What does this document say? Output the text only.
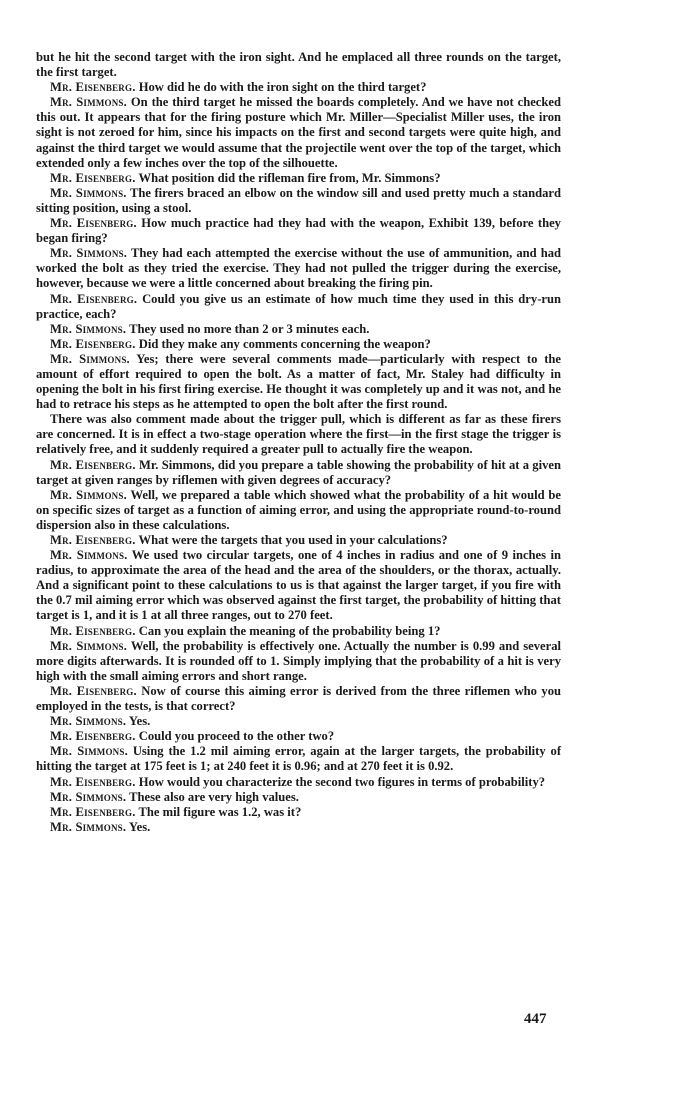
but he hit the second target with the iron sight. And he emplaced all three rounds on the target, the first target.

Mr. Eisenberg. How did he do with the iron sight on the third target?

Mr. Simmons. On the third target he missed the boards completely. And we have not checked this out. It appears that for the firing posture which Mr. Miller—Specialist Miller uses, the iron sight is not zeroed for him, since his impacts on the first and second targets were quite high, and against the third target we would assume that the projectile went over the top of the target, which extended only a few inches over the top of the silhouette.

Mr. Eisenberg. What position did the rifleman fire from, Mr. Simmons?

Mr. Simmons. The firers braced an elbow on the window sill and used pretty much a standard sitting position, using a stool.

Mr. Eisenberg. How much practice had they had with the weapon, Exhibit 139, before they began firing?

Mr. Simmons. They had each attempted the exercise without the use of ammunition, and had worked the bolt as they tried the exercise. They had not pulled the trigger during the exercise, however, because we were a little concerned about breaking the firing pin.

Mr. Eisenberg. Could you give us an estimate of how much time they used in this dry-run practice, each?

Mr. Simmons. They used no more than 2 or 3 minutes each.

Mr. Eisenberg. Did they make any comments concerning the weapon?

Mr. Simmons. Yes; there were several comments made—particularly with respect to the amount of effort required to open the bolt. As a matter of fact, Mr. Staley had difficulty in opening the bolt in his first firing exercise. He thought it was completely up and it was not, and he had to retrace his steps as he attempted to open the bolt after the first round.

There was also comment made about the trigger pull, which is different as far as these firers are concerned. It is in effect a two-stage operation where the first—in the first stage the trigger is relatively free, and it suddenly required a greater pull to actually fire the weapon.

Mr. Eisenberg. Mr. Simmons, did you prepare a table showing the probability of hit at a given target at given ranges by riflemen with given degrees of accuracy?

Mr. Simmons. Well, we prepared a table which showed what the probability of a hit would be on specific sizes of target as a function of aiming error, and using the appropriate round-to-round dispersion also in these calculations.

Mr. Eisenberg. What were the targets that you used in your calculations?

Mr. Simmons. We used two circular targets, one of 4 inches in radius and one of 9 inches in radius, to approximate the area of the head and the area of the shoulders, or the thorax, actually. And a significant point to these calculations to us is that against the larger target, if you fire with the 0.7 mil aiming error which was observed against the first target, the probability of hitting that target is 1, and it is 1 at all three ranges, out to 270 feet.

Mr. Eisenberg. Can you explain the meaning of the probability being 1?

Mr. Simmons. Well, the probability is effectively one. Actually the number is 0.99 and several more digits afterwards. It is rounded off to 1. Simply implying that the probability of a hit is very high with the small aiming errors and short range.

Mr. Eisenberg. Now of course this aiming error is derived from the three riflemen who you employed in the tests, is that correct?

Mr. Simmons. Yes.

Mr. Eisenberg. Could you proceed to the other two?

Mr. Simmons. Using the 1.2 mil aiming error, again at the larger targets, the probability of hitting the target at 175 feet is 1; at 240 feet it is 0.96; and at 270 feet it is 0.92.

Mr. Eisenberg. How would you characterize the second two figures in terms of probability?

Mr. Simmons. These also are very high values.

Mr. Eisenberg. The mil figure was 1.2, was it?

Mr. Simmons. Yes.

447
